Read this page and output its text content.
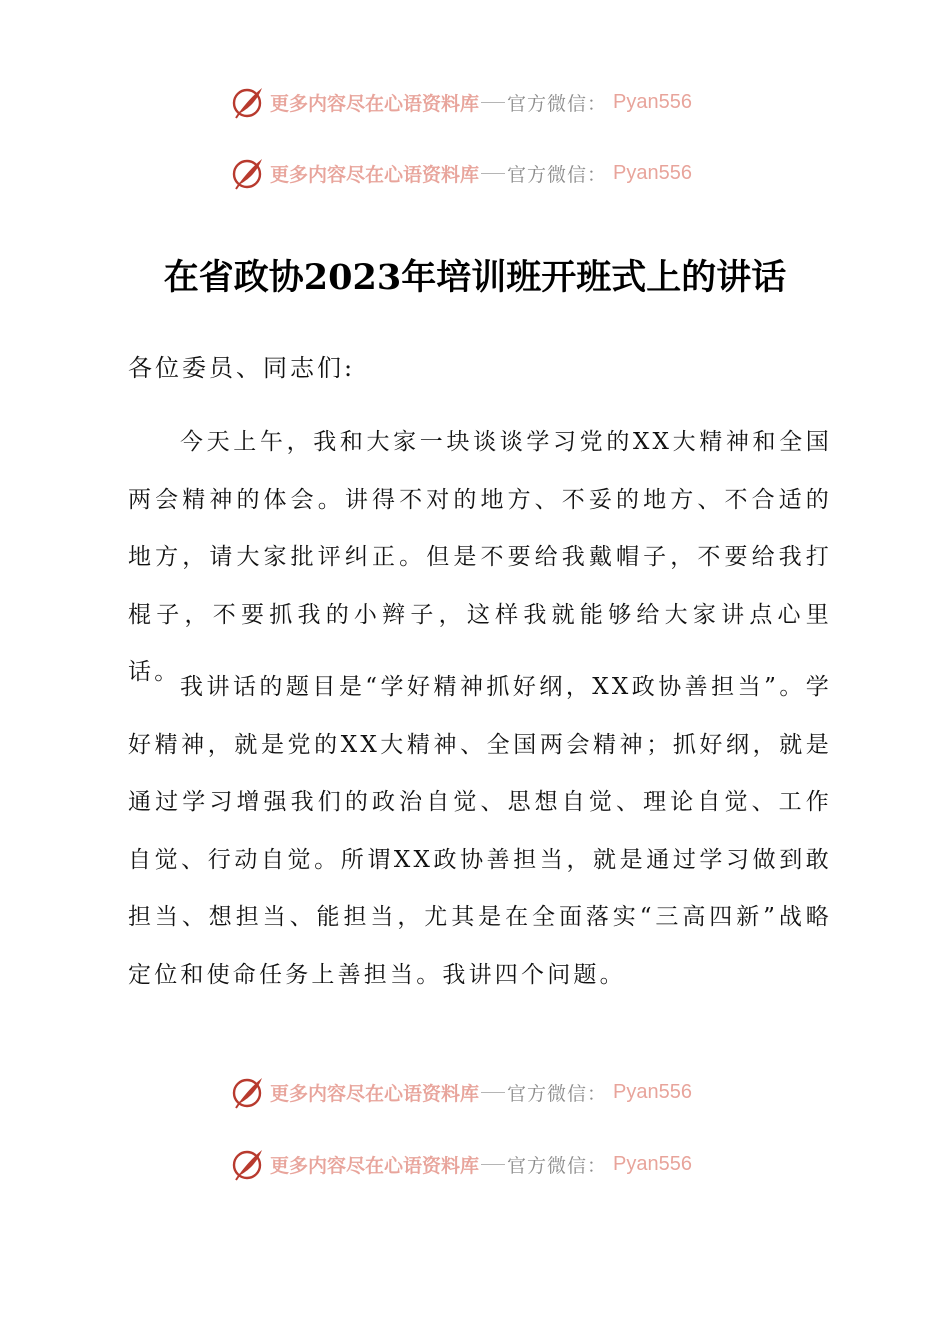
更多内容尽在心语资料库 官方微信： Pyan556
更多内容尽在心语资料库 官方微信： Pyan556
在省政协2023年培训班开班式上的讲话

各位委员、同志们:

今天上午，我和大家一块谈谈学习党的XX大精神和全国两会精神的体会。讲得不对的地方、不妥的地方、不合适的地方，请大家批评纠正。但是不要给我戴帽子，不要给我打棍子，不要抓我的小辫子，这样我就能够给大家讲点心里话。

我讲话的题目是“学好精神抓好纲，XX政协善担当”。学好精神，就是党的XX大精神、全国两会精神；抓好纲，就是通过学习增强我们的政治自觉、思想自觉、理论自觉、工作自觉、行动自觉。所谓XX政协善担当，就是通过学习做到敢担当、想担当、能担当，尤其是在全面落实“三高四新”战略定位和使命任务上善担当。我讲四个问题。

更多内容尽在心语资料库 官方微信： Pyan556
更多内容尽在心语资料库 官方微信： Pyan556
